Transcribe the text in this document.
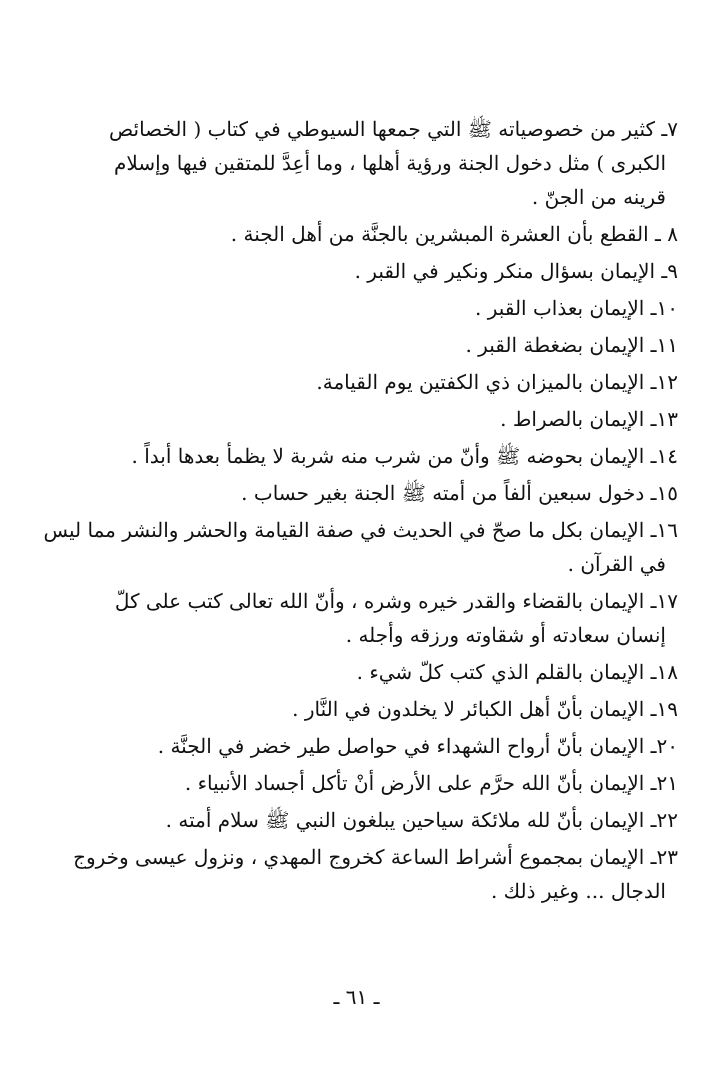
٧ـ كثير من خصوصياته ﷺ التي جمعها السيوطي في كتاب ( الخصائص
الكبرى ) مثل دخول الجنة ورؤية أهلها ، وما أعِدَّ للمتقين فيها وإسلام
قرينه من الجنّ .
٨ ـ القطع بأن العشرة المبشرين بالجنَّة من أهل الجنة .
٩ـ الإيمان بسؤال منكر ونكير في القبر .
١٠ـ الإيمان بعذاب القبر .
١١ـ الإيمان بضغطة القبر .
١٢ـ الإيمان بالميزان ذي الكفتين يوم القيامة.
١٣ـ الإيمان بالصراط .
١٤ـ الإيمان بحوضه ﷺ وأنّ من شرب منه شربة لا يظمأ بعدها أبداً .
١٥ـ دخول سبعين ألفاً من أمته ﷺ الجنة بغير حساب .
١٦ـ الإيمان بكل ما صحّ في الحديث في صفة القيامة والحشر والنشر مما ليس
في القرآن .
١٧ـ الإيمان بالقضاء والقدر خيره وشره ، وأنّ الله تعالى كتب على كلّ
إنسان سعادته أو شقاوته ورزقه وأجله .
١٨ـ الإيمان بالقلم الذي كتب كلّ شيء .
١٩ـ الإيمان بأنّ أهل الكبائر لا يخلدون في النَّار .
٢٠ـ الإيمان بأنّ أرواح الشهداء في حواصل طير خضر في الجنَّة .
٢١ـ الإيمان بأنّ الله حرَّم على الأرض أنْ تأكل أجساد الأنبياء .
٢٢ـ الإيمان بأنّ لله ملائكة سياحين يبلغون النبي ﷺ سلام أمته .
٢٣ـ الإيمان بمجموع أشراط الساعة كخروج المهدي ، ونزول عيسى وخروج
الدجال ... وغير ذلك .
ـ ٦١ ـ
